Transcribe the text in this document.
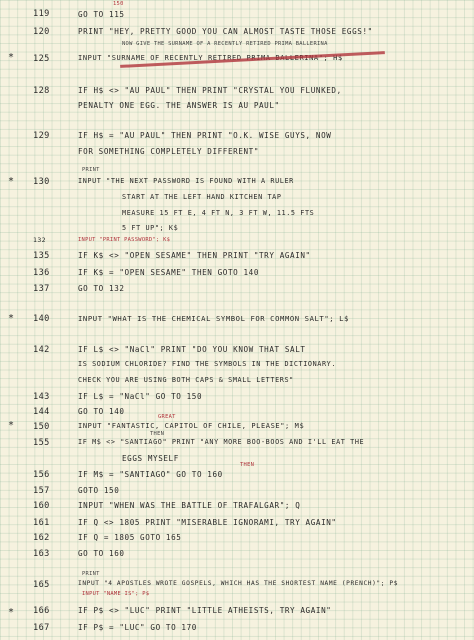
*
*
*
*
*
119	GO TO 115
150
120	PRINT "HEY, PRETTY GOOD YOU CAN ALMOST TASTE THOSE EGGS!"
NOW GIVE THE SURNAME OF A RECENTLY RETIRED PRIMA BALLERINA
125	INPUT "SURNAME OF RECENTLY RETIRED PRIMA BALLERINA"; H$
128	IF H$ <> "AU PAUL" THEN PRINT "CRYSTAL YOU FLUNKED,
PENALTY ONE EGG. THE ANSWER IS AU PAUL"
129	IF H$ = "AU PAUL" THEN PRINT "O.K. WISE GUYS, NOW
FOR SOMETHING COMPLETELY DIFFERENT"
PRINT
130	INPUT "THE NEXT PASSWORD IS FOUND WITH A RULER
START AT THE LEFT HAND KITCHEN TAP
MEASURE 15 FT E, 4 FT N, 3 FT W, 11.5 FTS
5 FT UP"; K$
132	INPUT "PRINT PASSWORD"; K$
135	IF K$ <> "OPEN SESAME" THEN PRINT "TRY AGAIN"
136	IF K$ = "OPEN SESAME" THEN GOTO 140
137	GO TO 132
140	INPUT "WHAT IS THE CHEMICAL SYMBOL FOR COMMON SALT"; L$
142	IF L$ <> "NaCl" PRINT "DO YOU KNOW THAT SALT
IS SODIUM CHLORIDE? FIND THE SYMBOLS IN THE DICTIONARY.
CHECK YOU ARE USING BOTH CAPS & SMALL LETTERS"
143	IF L$ = "NaCl" GO TO 150
144	GO TO 140
GREAT
150	INPUT "FANTASTIC, CAPITOL OF CHILE, PLEASE"; M$
THEN
155	IF M$ <> "SANTIAGO" PRINT "ANY MORE BOO-BOOS AND I'LL EAT THE
EGGS MYSELF
THEN
156	IF M$ = "SANTIAGO" GO TO 160
157	GOTO 150
160	INPUT "WHEN WAS THE BATTLE OF TRAFALGAR"; Q
161	IF Q <> 1805 PRINT "MISERABLE IGNORAMI, TRY AGAIN"
162	IF Q = 1805 GOTO 165
163	GO TO 160
PRINT
165	INPUT "4 APOSTLES WROTE GOSPELS, WHICH HAS THE SHORTEST NAME (PRENCH)"; P$
INPUT "NAME IS"; P$
166	IF P$ <> "LUC" PRINT "LITTLE ATHEISTS, TRY AGAIN"
167	IF P$ = "LUC" GO TO 170
